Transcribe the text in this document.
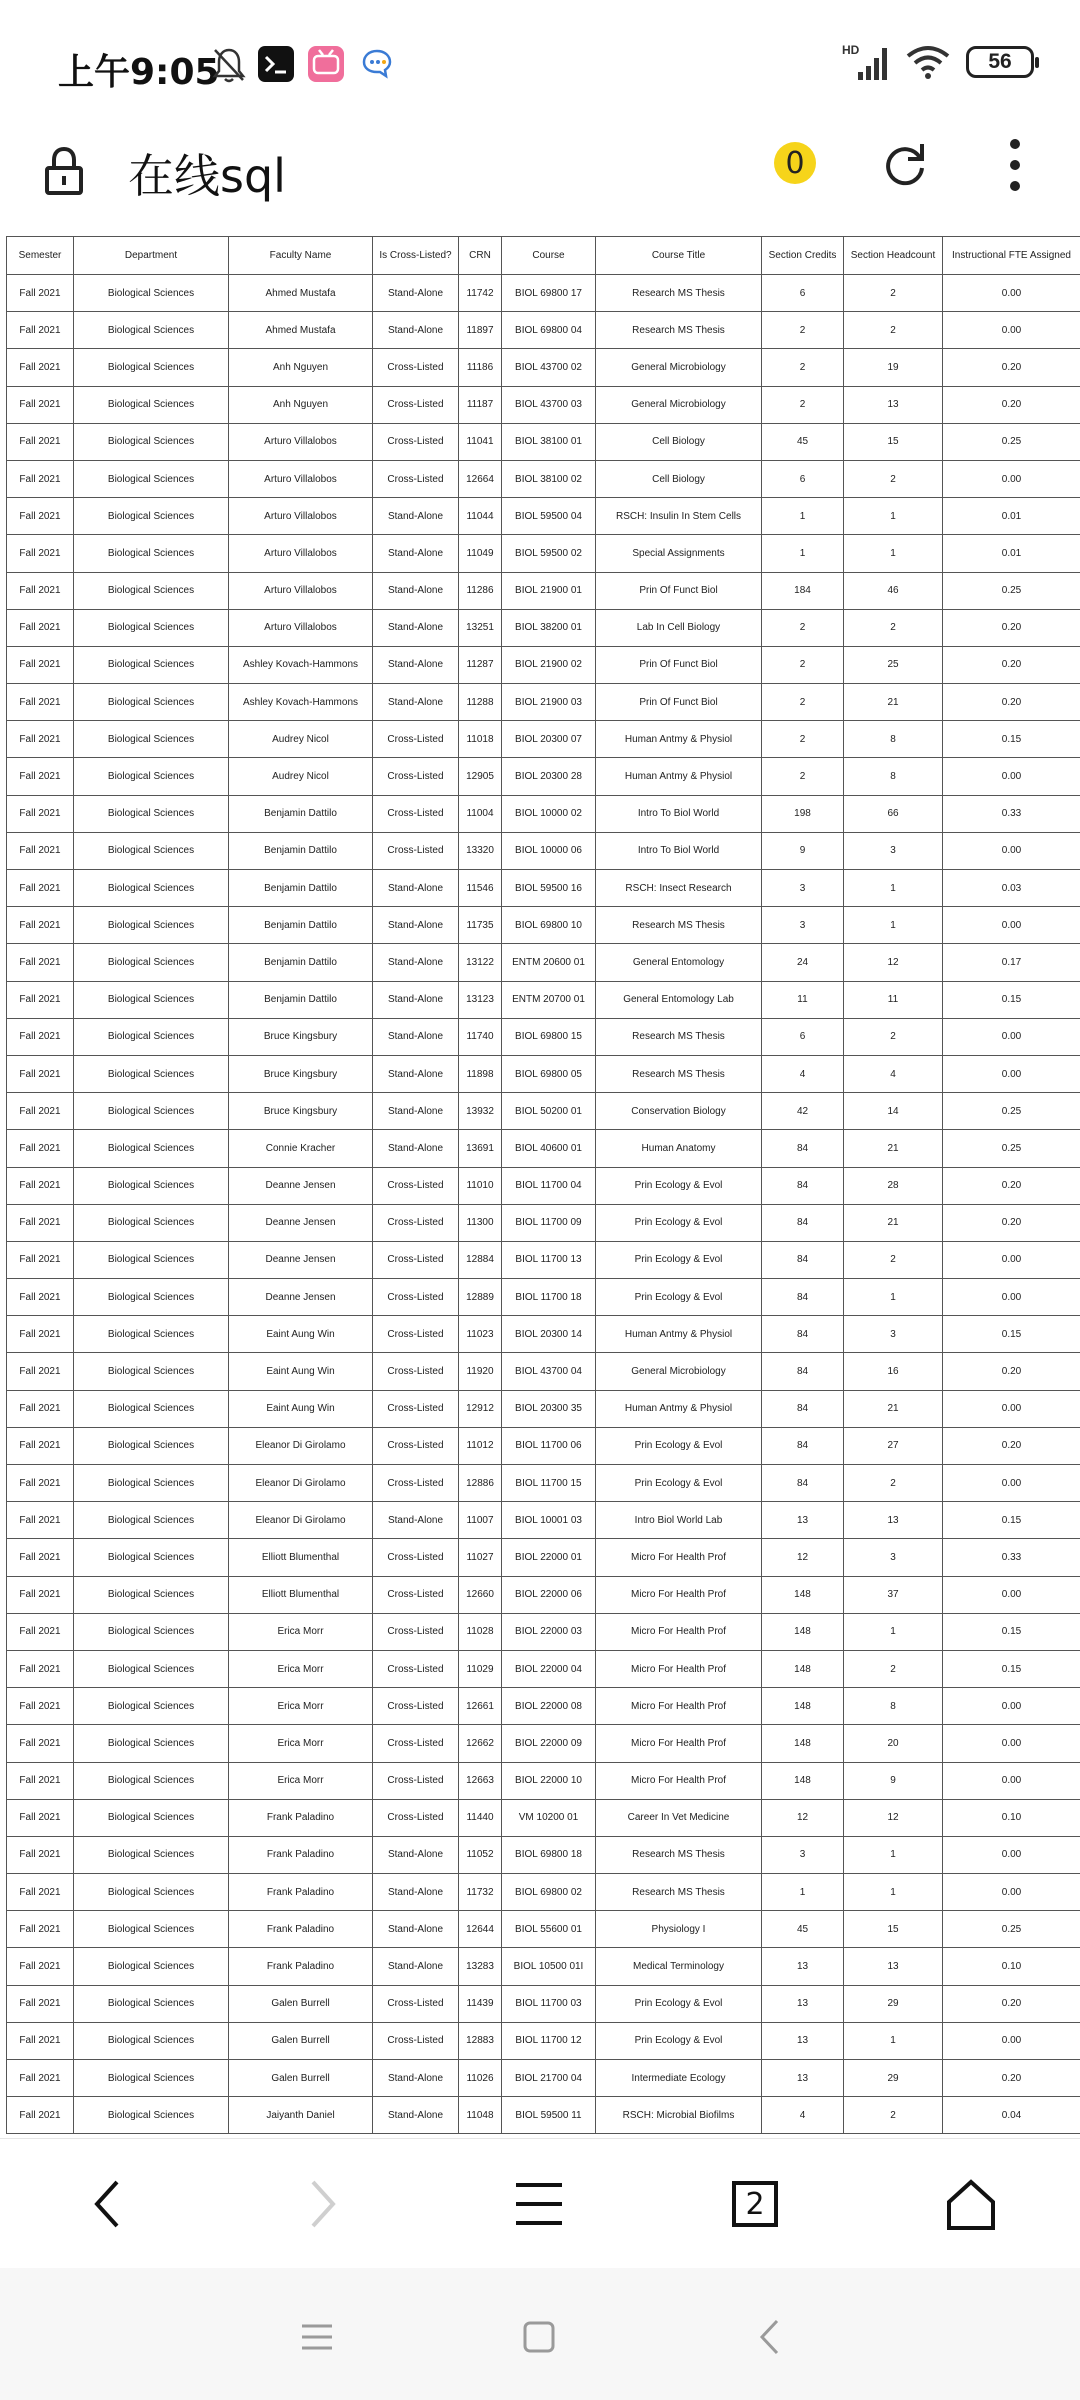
上午9:05
HD	56
在线sql	0
Semester	Department	Faculty Name	Is Cross-Listed?	CRN	Course	Course Title	Section Credits	Section Headcount	Instructional FTE Assigned
Fall 2021	Biological Sciences	Ahmed Mustafa	Stand-Alone	11742	BIOL 69800 17	Research MS Thesis	6	2	0.00
Fall 2021	Biological Sciences	Ahmed Mustafa	Stand-Alone	11897	BIOL 69800 04	Research MS Thesis	2	2	0.00
Fall 2021	Biological Sciences	Anh Nguyen	Cross-Listed	11186	BIOL 43700 02	General Microbiology	2	19	0.20
Fall 2021	Biological Sciences	Anh Nguyen	Cross-Listed	11187	BIOL 43700 03	General Microbiology	2	13	0.20
Fall 2021	Biological Sciences	Arturo Villalobos	Cross-Listed	11041	BIOL 38100 01	Cell Biology	45	15	0.25
Fall 2021	Biological Sciences	Arturo Villalobos	Cross-Listed	12664	BIOL 38100 02	Cell Biology	6	2	0.00
Fall 2021	Biological Sciences	Arturo Villalobos	Stand-Alone	11044	BIOL 59500 04	RSCH: Insulin In Stem Cells	1	1	0.01
Fall 2021	Biological Sciences	Arturo Villalobos	Stand-Alone	11049	BIOL 59500 02	Special Assignments	1	1	0.01
Fall 2021	Biological Sciences	Arturo Villalobos	Stand-Alone	11286	BIOL 21900 01	Prin Of Funct Biol	184	46	0.25
Fall 2021	Biological Sciences	Arturo Villalobos	Stand-Alone	13251	BIOL 38200 01	Lab In Cell Biology	2	2	0.20
Fall 2021	Biological Sciences	Ashley Kovach-Hammons	Stand-Alone	11287	BIOL 21900 02	Prin Of Funct Biol	2	25	0.20
Fall 2021	Biological Sciences	Ashley Kovach-Hammons	Stand-Alone	11288	BIOL 21900 03	Prin Of Funct Biol	2	21	0.20
Fall 2021	Biological Sciences	Audrey Nicol	Cross-Listed	11018	BIOL 20300 07	Human Antmy & Physiol	2	8	0.15
Fall 2021	Biological Sciences	Audrey Nicol	Cross-Listed	12905	BIOL 20300 28	Human Antmy & Physiol	2	8	0.00
Fall 2021	Biological Sciences	Benjamin Dattilo	Cross-Listed	11004	BIOL 10000 02	Intro To Biol World	198	66	0.33
Fall 2021	Biological Sciences	Benjamin Dattilo	Cross-Listed	13320	BIOL 10000 06	Intro To Biol World	9	3	0.00
Fall 2021	Biological Sciences	Benjamin Dattilo	Stand-Alone	11546	BIOL 59500 16	RSCH: Insect Research	3	1	0.03
Fall 2021	Biological Sciences	Benjamin Dattilo	Stand-Alone	11735	BIOL 69800 10	Research MS Thesis	3	1	0.00
Fall 2021	Biological Sciences	Benjamin Dattilo	Stand-Alone	13122	ENTM 20600 01	General Entomology	24	12	0.17
Fall 2021	Biological Sciences	Benjamin Dattilo	Stand-Alone	13123	ENTM 20700 01	General Entomology Lab	11	11	0.15
Fall 2021	Biological Sciences	Bruce Kingsbury	Stand-Alone	11740	BIOL 69800 15	Research MS Thesis	6	2	0.00
Fall 2021	Biological Sciences	Bruce Kingsbury	Stand-Alone	11898	BIOL 69800 05	Research MS Thesis	4	4	0.00
Fall 2021	Biological Sciences	Bruce Kingsbury	Stand-Alone	13932	BIOL 50200 01	Conservation Biology	42	14	0.25
Fall 2021	Biological Sciences	Connie Kracher	Stand-Alone	13691	BIOL 40600 01	Human Anatomy	84	21	0.25
Fall 2021	Biological Sciences	Deanne Jensen	Cross-Listed	11010	BIOL 11700 04	Prin Ecology & Evol	84	28	0.20
Fall 2021	Biological Sciences	Deanne Jensen	Cross-Listed	11300	BIOL 11700 09	Prin Ecology & Evol	84	21	0.20
Fall 2021	Biological Sciences	Deanne Jensen	Cross-Listed	12884	BIOL 11700 13	Prin Ecology & Evol	84	2	0.00
Fall 2021	Biological Sciences	Deanne Jensen	Cross-Listed	12889	BIOL 11700 18	Prin Ecology & Evol	84	1	0.00
Fall 2021	Biological Sciences	Eaint Aung Win	Cross-Listed	11023	BIOL 20300 14	Human Antmy & Physiol	84	3	0.15
Fall 2021	Biological Sciences	Eaint Aung Win	Cross-Listed	11920	BIOL 43700 04	General Microbiology	84	16	0.20
Fall 2021	Biological Sciences	Eaint Aung Win	Cross-Listed	12912	BIOL 20300 35	Human Antmy & Physiol	84	21	0.00
Fall 2021	Biological Sciences	Eleanor Di Girolamo	Cross-Listed	11012	BIOL 11700 06	Prin Ecology & Evol	84	27	0.20
Fall 2021	Biological Sciences	Eleanor Di Girolamo	Cross-Listed	12886	BIOL 11700 15	Prin Ecology & Evol	84	2	0.00
Fall 2021	Biological Sciences	Eleanor Di Girolamo	Stand-Alone	11007	BIOL 10001 03	Intro Biol World Lab	13	13	0.15
Fall 2021	Biological Sciences	Elliott Blumenthal	Cross-Listed	11027	BIOL 22000 01	Micro For Health Prof	12	3	0.33
Fall 2021	Biological Sciences	Elliott Blumenthal	Cross-Listed	12660	BIOL 22000 06	Micro For Health Prof	148	37	0.00
Fall 2021	Biological Sciences	Erica Morr	Cross-Listed	11028	BIOL 22000 03	Micro For Health Prof	148	1	0.15
Fall 2021	Biological Sciences	Erica Morr	Cross-Listed	11029	BIOL 22000 04	Micro For Health Prof	148	2	0.15
Fall 2021	Biological Sciences	Erica Morr	Cross-Listed	12661	BIOL 22000 08	Micro For Health Prof	148	8	0.00
Fall 2021	Biological Sciences	Erica Morr	Cross-Listed	12662	BIOL 22000 09	Micro For Health Prof	148	20	0.00
Fall 2021	Biological Sciences	Erica Morr	Cross-Listed	12663	BIOL 22000 10	Micro For Health Prof	148	9	0.00
Fall 2021	Biological Sciences	Frank Paladino	Cross-Listed	11440	VM 10200 01	Career In Vet Medicine	12	12	0.10
Fall 2021	Biological Sciences	Frank Paladino	Stand-Alone	11052	BIOL 69800 18	Research MS Thesis	3	1	0.00
Fall 2021	Biological Sciences	Frank Paladino	Stand-Alone	11732	BIOL 69800 02	Research MS Thesis	1	1	0.00
Fall 2021	Biological Sciences	Frank Paladino	Stand-Alone	12644	BIOL 55600 01	Physiology I	45	15	0.25
Fall 2021	Biological Sciences	Frank Paladino	Stand-Alone	13283	BIOL 10500 01I	Medical Terminology	13	13	0.10
Fall 2021	Biological Sciences	Galen Burrell	Cross-Listed	11439	BIOL 11700 03	Prin Ecology & Evol	13	29	0.20
Fall 2021	Biological Sciences	Galen Burrell	Cross-Listed	12883	BIOL 11700 12	Prin Ecology & Evol	13	1	0.00
Fall 2021	Biological Sciences	Galen Burrell	Stand-Alone	11026	BIOL 21700 04	Intermediate Ecology	13	29	0.20
Fall 2021	Biological Sciences	Jaiyanth Daniel	Stand-Alone	11048	BIOL 59500 11	RSCH: Microbial Biofilms	4	2	0.04
2
